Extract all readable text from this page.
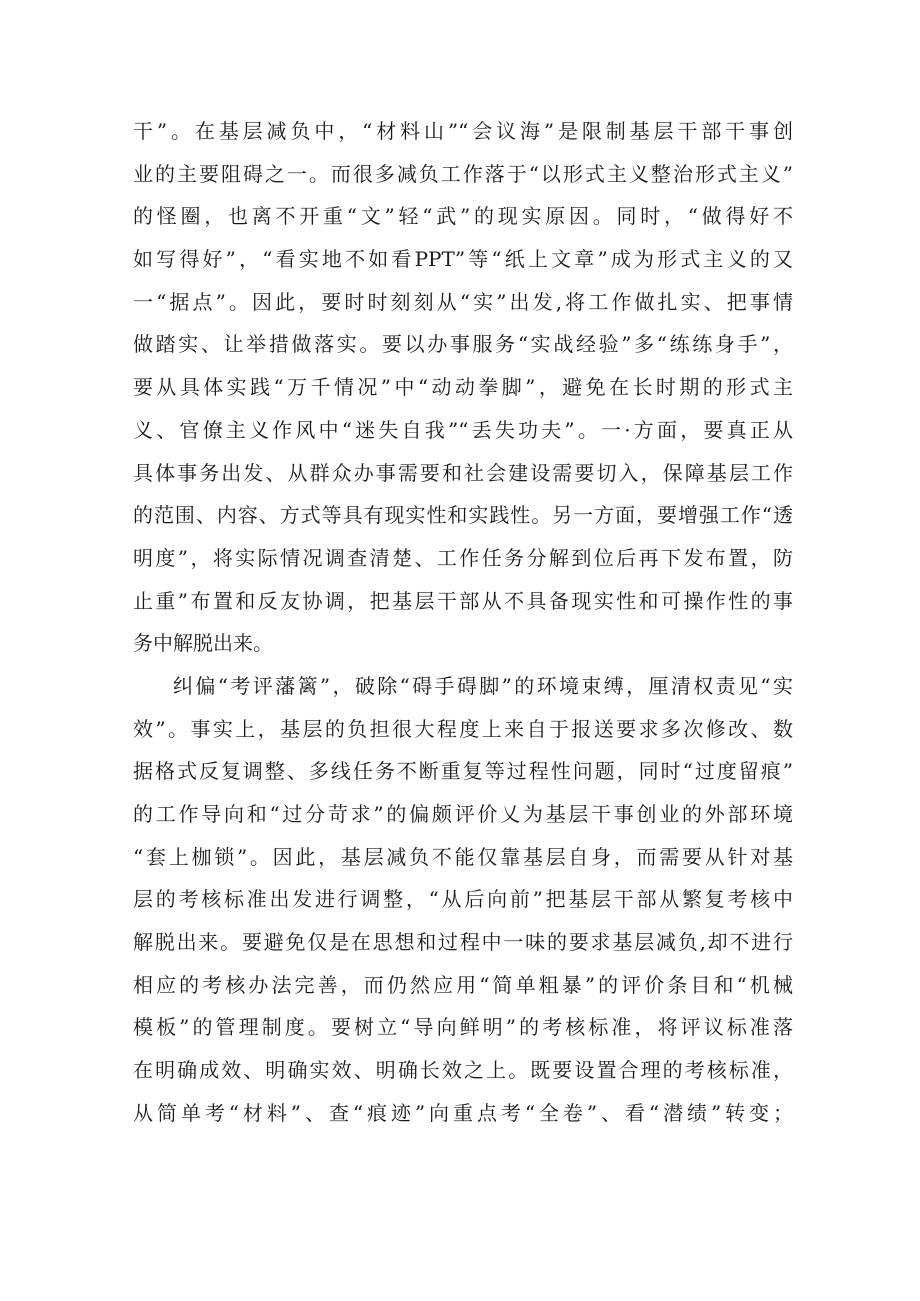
干”。在基层减负中，“材料山”“会议海”是限制基层干部干事创
业的主要阻碍之一。而很多减负工作落于“以形式主义整治形式主义”
的怪圈，也离不开重“文”轻“武”的现实原因。同时，“做得好不
如写得好”，“看实地不如看PPT”等“纸上文章”成为形式主义的又
一“据点”。因此，要时时刻刻从“实”出发,将工作做扎实、把事情
做踏实、让举措做落实。要以办事服务“实战经验”多“练练身手”，
要从具体实践“万千情况”中“动动拳脚”，避免在长时期的形式主
义、官僚主义作风中“迷失自我”“丢失功夫”。一·方面，要真正从
具体事务出发、从群众办事需要和社会建设需要切入，保障基层工作
的范围、内容、方式等具有现实性和实践性。另一方面，要增强工作“透
明度”，将实际情况调查清楚、工作任务分解到位后再下发布置，防
止重”布置和反友协调，把基层干部从不具备现实性和可操作性的事
务中解脱出来。
纠偏“考评藩篱”，破除“碍手碍脚”的环境束缚，厘清权责见“实
效”。事实上，基层的负担很大程度上来自于报送要求多次修改、数
据格式反复调整、多线任务不断重复等过程性问题，同时“过度留痕”
的工作导向和“过分苛求”的偏颇评价乂为基层干事创业的外部环境
“套上枷锁”。因此，基层减负不能仅靠基层自身，而需要从针对基
层的考核标准出发进行调整，“从后向前”把基层干部从繁复考核中
解脱出来。要避免仅是在思想和过程中一味的要求基层减负,却不进行
相应的考核办法完善，而仍然应用“简单粗暴”的评价条目和“机械
模板”的管理制度。要树立“导向鲜明”的考核标准，将评议标准落
在明确成效、明确实效、明确长效之上。既要设置合理的考核标准，
从简单考“材料”、查“痕迹”向重点考“全卷”、看“潜绩”转变；
